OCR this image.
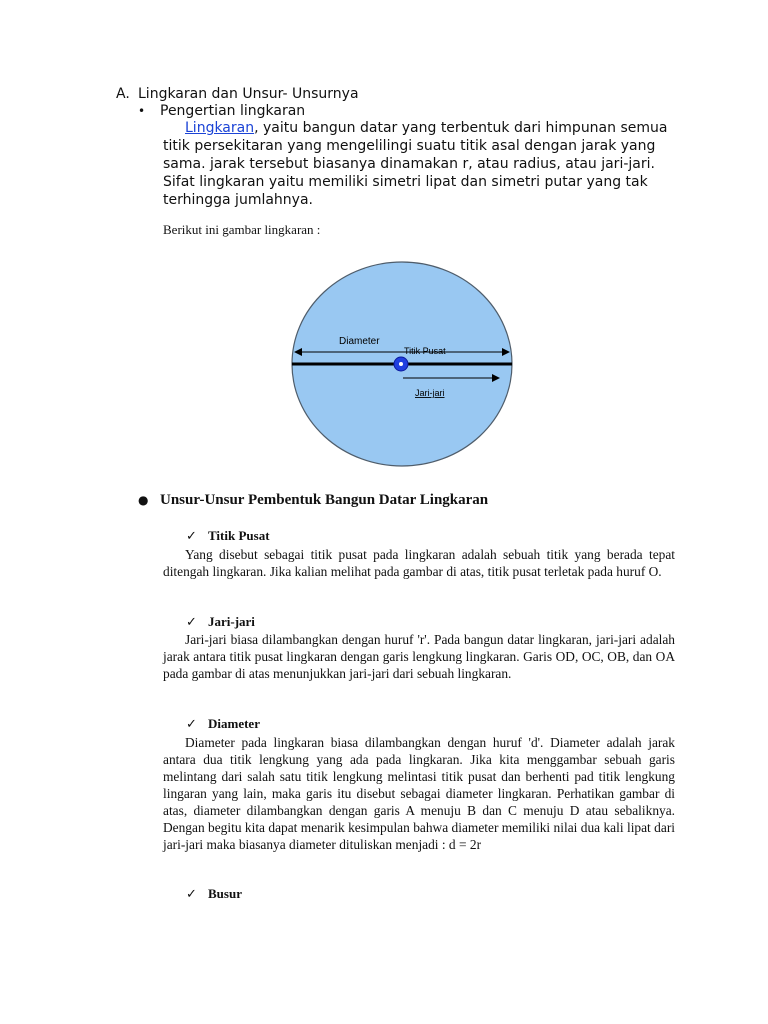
A. Lingkaran dan Unsur- Unsurnya
• Pengertian lingkaran
Lingkaran, yaitu bangun datar yang terbentuk dari himpunan semua titik persekitaran yang mengelilingi suatu titik asal dengan jarak yang sama. jarak tersebut biasanya dinamakan r, atau radius, atau jari-jari. Sifat lingkaran yaitu memiliki simetri lipat dan simetri putar yang tak terhingga jumlahnya.
Berikut ini gambar lingkaran :
Diameter
Titik Pusat
Jari-jari
● Unsur-Unsur Pembentuk Bangun Datar Lingkaran
✓ Titik Pusat
Yang disebut sebagai titik pusat pada lingkaran adalah sebuah titik yang berada tepat ditengah lingkaran. Jika kalian melihat pada gambar di atas, titik pusat terletak pada huruf O.
✓ Jari-jari
Jari-jari biasa dilambangkan dengan huruf 'r'. Pada bangun datar lingkaran, jari-jari adalah jarak antara titik pusat lingkaran dengan garis lengkung lingkaran. Garis OD, OC, OB, dan OA pada gambar di atas menunjukkan jari-jari dari sebuah lingkaran.
✓ Diameter
Diameter pada lingkaran biasa dilambangkan dengan huruf 'd'. Diameter adalah jarak antara dua titik lengkung yang ada pada lingkaran. Jika kita menggambar sebuah garis melintang dari salah satu titik lengkung melintasi titik pusat dan berhenti pad titik lengkung lingaran yang lain, maka garis itu disebut sebagai diameter lingkaran. Perhatikan gambar di atas, diameter dilambangkan dengan garis A menuju B dan C menuju D atau sebaliknya. Dengan begitu kita dapat menarik kesimpulan bahwa diameter memiliki nilai dua kali lipat dari jari-jari maka biasanya diameter dituliskan menjadi : d = 2r
✓ Busur
